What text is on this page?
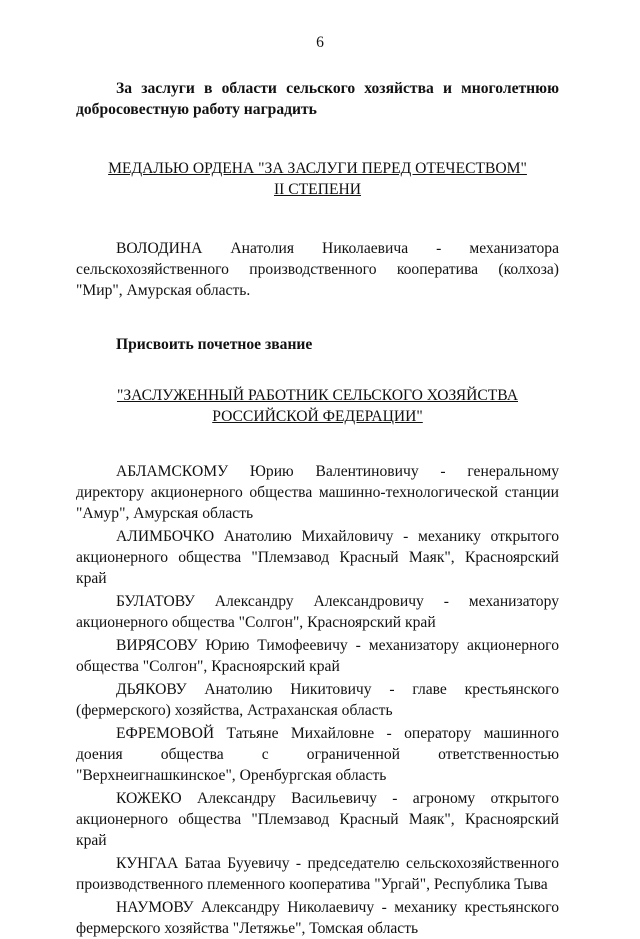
6
За заслуги в области сельского хозяйства и многолетнюю добросовестную работу наградить
МЕДАЛЬЮ ОРДЕНА "ЗА ЗАСЛУГИ ПЕРЕД ОТЕЧЕСТВОМ"
II СТЕПЕНИ
ВОЛОДИНА Анатолия Николаевича - механизатора сельскохозяйственного производственного кооператива (колхоза) "Мир", Амурская область.
Присвоить почетное звание
"ЗАСЛУЖЕННЫЙ РАБОТНИК СЕЛЬСКОГО ХОЗЯЙСТВА
РОССИЙСКОЙ ФЕДЕРАЦИИ"
АБЛАМСКОМУ Юрию Валентиновичу - генеральному директору акционерного общества машинно-технологической станции "Амур", Амурская область
АЛИМБОЧКО Анатолию Михайловичу - механику открытого акционерного общества "Племзавод Красный Маяк", Красноярский край
БУЛАТОВУ Александру Александровичу - механизатору акционерного общества "Солгон", Красноярский край
ВИРЯСОВУ Юрию Тимофеевичу - механизатору акционерного общества "Солгон", Красноярский край
ДЬЯКОВУ Анатолию Никитовичу - главе крестьянского (фермерского) хозяйства, Астраханская область
ЕФРЕМОВОЙ Татьяне Михайловне - оператору машинного доения общества с ограниченной ответственностью "Верхнеигнашкинское", Оренбургская область
КОЖЕКО Александру Васильевичу - агроному открытого акционерного общества "Племзавод Красный Маяк", Красноярский край
КУНГАА Батаа Бууевичу - председателю сельскохозяйственного производственного племенного кооператива "Ургай", Республика Тыва
НАУМОВУ Александру Николаевичу - механику крестьянского фермерского хозяйства "Летяжье", Томская область
